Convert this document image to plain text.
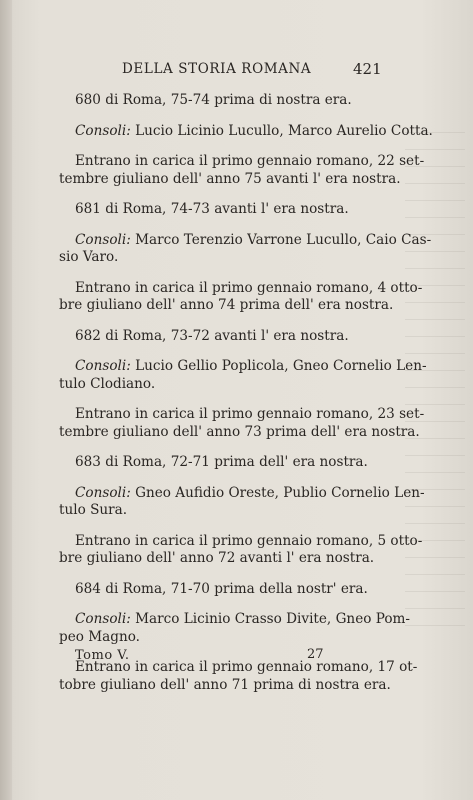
DELLA STORIA ROMANA	421
680 di Roma, 75-74 prima di nostra era.
Consoli: Lucio Licinio Lucullo, Marco Aurelio Cotta.
Entrano in carica il primo gennaio romano, 22 set-
tembre giuliano dell' anno 75 avanti l' era nostra.
681 di Roma, 74-73 avanti l' era nostra.
Consoli: Marco Terenzio Varrone Lucullo, Caio Cas-
sio Varo.
Entrano in carica il primo gennaio romano, 4 otto-
bre giuliano dell' anno 74 prima dell' era nostra.
682 di Roma, 73-72 avanti l' era nostra.
Consoli: Lucio Gellio Poplicola, Gneo Cornelio Len-
tulo Clodiano.
Entrano in carica il primo gennaio romano, 23 set-
tembre giuliano dell' anno 73 prima dell' era nostra.
683 di Roma, 72-71 prima dell' era nostra.
Consoli: Gneo Aufidio Oreste, Publio Cornelio Len-
tulo Sura.
Entrano in carica il primo gennaio romano, 5 otto-
bre giuliano dell' anno 72 avanti l' era nostra.
684 di Roma, 71-70 prima della nostr' era.
Consoli: Marco Licinio Crasso Divite, Gneo Pom-
peo Magno.
Entrano in carica il primo gennaio romano, 17 ot-
tobre giuliano dell' anno 71 prima di nostra era.
Tomo V.	27
